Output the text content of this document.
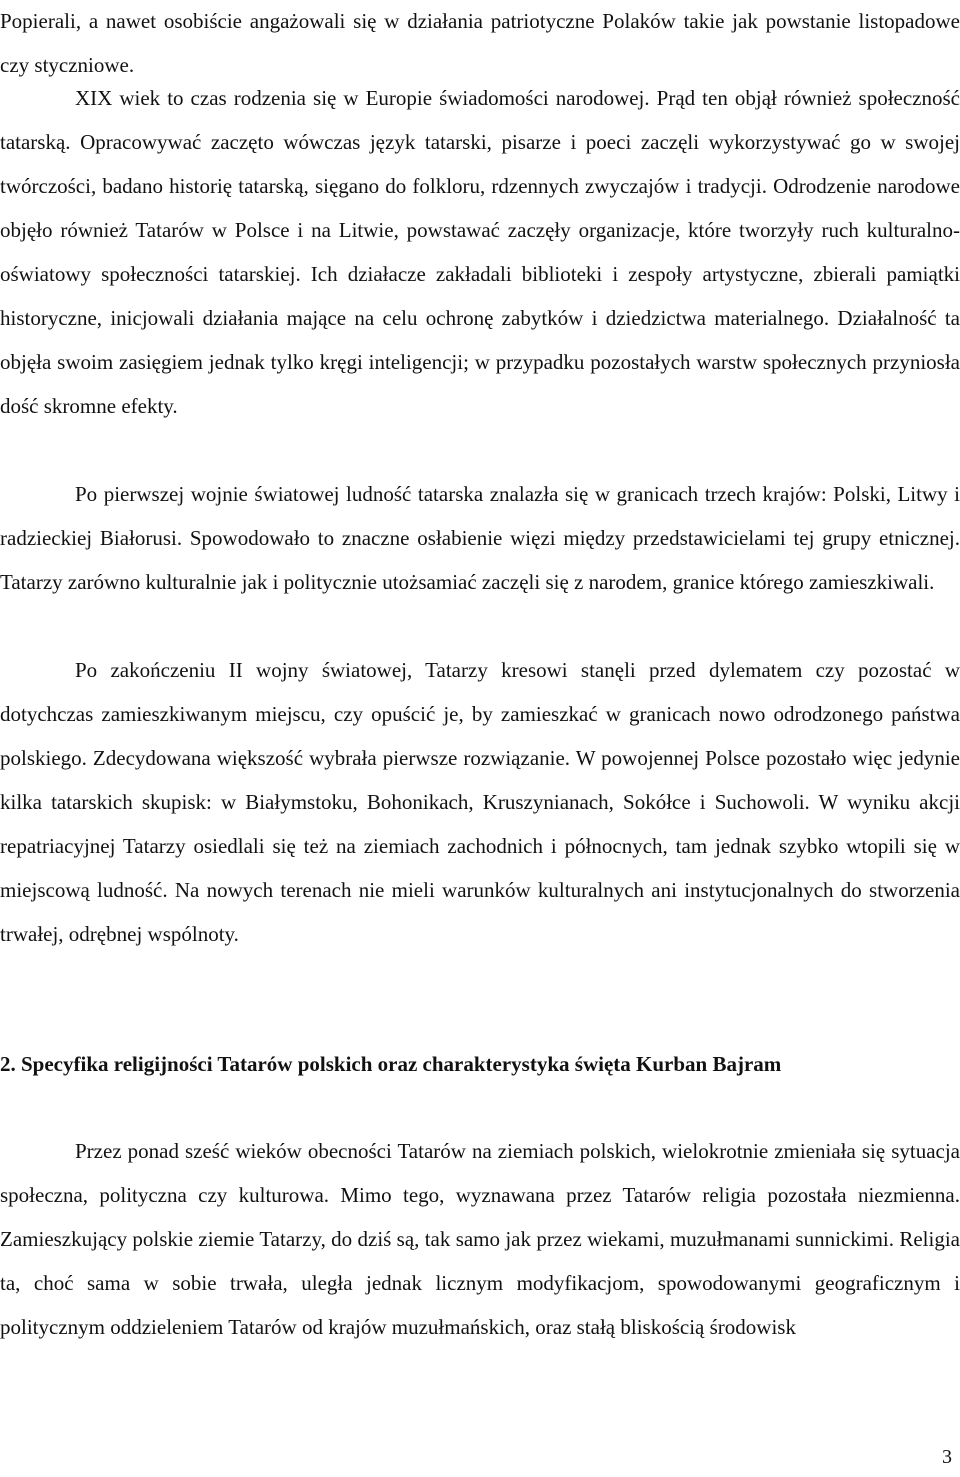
Popierali, a nawet osobiście angażowali się w działania patriotyczne Polaków takie jak powstanie listopadowe czy styczniowe.

XIX wiek to czas rodzenia się w Europie świadomości narodowej. Prąd ten objął również społeczność tatarską. Opracowywać zaczęto wówczas język tatarski, pisarze i poeci zaczęli wykorzystywać go w swojej twórczości, badano historię tatarską, sięgano do folkloru, rdzennych zwyczajów i tradycji. Odrodzenie narodowe objęło również Tatarów w Polsce i na Litwie, powstawać zaczęły organizacje, które tworzyły ruch kulturalno-oświatowy społeczności tatarskiej. Ich działacze zakładali biblioteki i zespoły artystyczne, zbierali pamiątki historyczne, inicjowali działania mające na celu ochronę zabytków i dziedzictwa materialnego. Działalność ta objęła swoim zasięgiem jednak tylko kręgi inteligencji; w przypadku pozostałych warstw społecznych przyniosła dość skromne efekty.

Po pierwszej wojnie światowej ludność tatarska znalazła się w granicach trzech krajów: Polski, Litwy i radzieckiej Białorusi. Spowodowało to znaczne osłabienie więzi między przedstawicielami tej grupy etnicznej. Tatarzy zarówno kulturalnie jak i politycznie utożsamiać zaczęli się z narodem, granice którego zamieszkiwali.

Po zakończeniu II wojny światowej, Tatarzy kresowi stanęli przed dylematem czy pozostać w dotychczas zamieszkiwanym miejscu, czy opuścić je, by zamieszkać w granicach nowo odrodzonego państwa polskiego. Zdecydowana większość wybrała pierwsze rozwiązanie. W powojennej Polsce pozostało więc jedynie kilka tatarskich skupisk: w Białymstoku, Bohonikach, Kruszynianach, Sokółce i Suchowoli. W wyniku akcji repatriacyjnej Tatarzy osiedlali się też na ziemiach zachodnich i północnych, tam jednak szybko wtopili się w miejscową ludność. Na nowych terenach nie mieli warunków kulturalnych ani instytucjonalnych do stworzenia trwałej, odrębnej wspólnoty.

2. Specyfika religijności Tatarów polskich oraz charakterystyka święta Kurban Bajram

Przez ponad sześć wieków obecności Tatarów na ziemiach polskich, wielokrotnie zmieniała się sytuacja społeczna, polityczna czy kulturowa. Mimo tego, wyznawana przez Tatarów religia pozostała niezmienna. Zamieszkujący polskie ziemie Tatarzy, do dziś są, tak samo jak przez wiekami, muzułmanami sunnickimi. Religia ta, choć sama w sobie trwała, uległa jednak licznym modyfikacjom, spowodowanymi geograficznym i politycznym oddzieleniem Tatarów od krajów muzułmańskich, oraz stałą bliskością środowisk

3
